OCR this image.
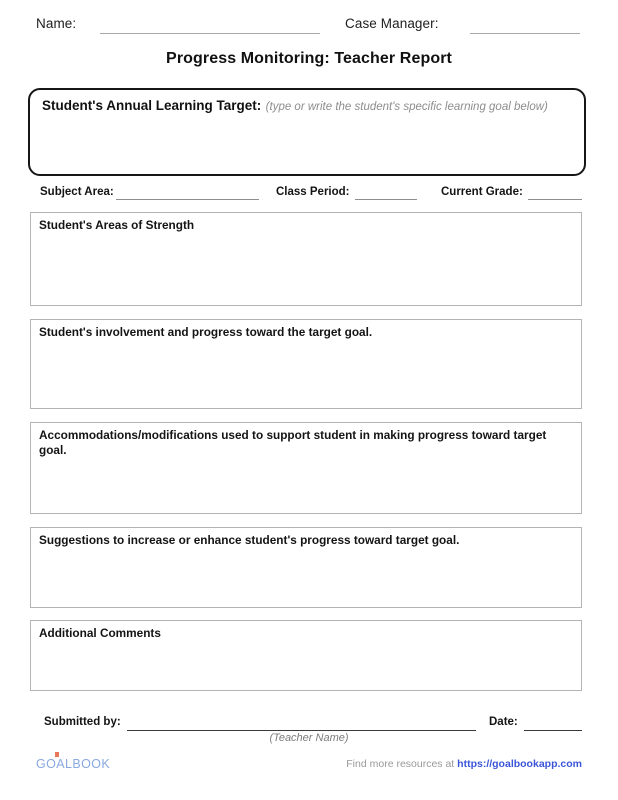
Name:	Case Manager:
Progress Monitoring: Teacher Report
Student's Annual Learning Target: (type or write the student's specific learning goal below)
Subject Area:	Class Period:	Current Grade:
Student's Areas of Strength
Student's involvement and progress toward the target goal.
Accommodations/modifications used to support student in making progress toward target goal.
Suggestions to increase or enhance student's progress toward target goal.
Additional Comments
Submitted by:	Date:
(Teacher Name)
GOALBOOK	Find more resources at https://goalbookapp.com
